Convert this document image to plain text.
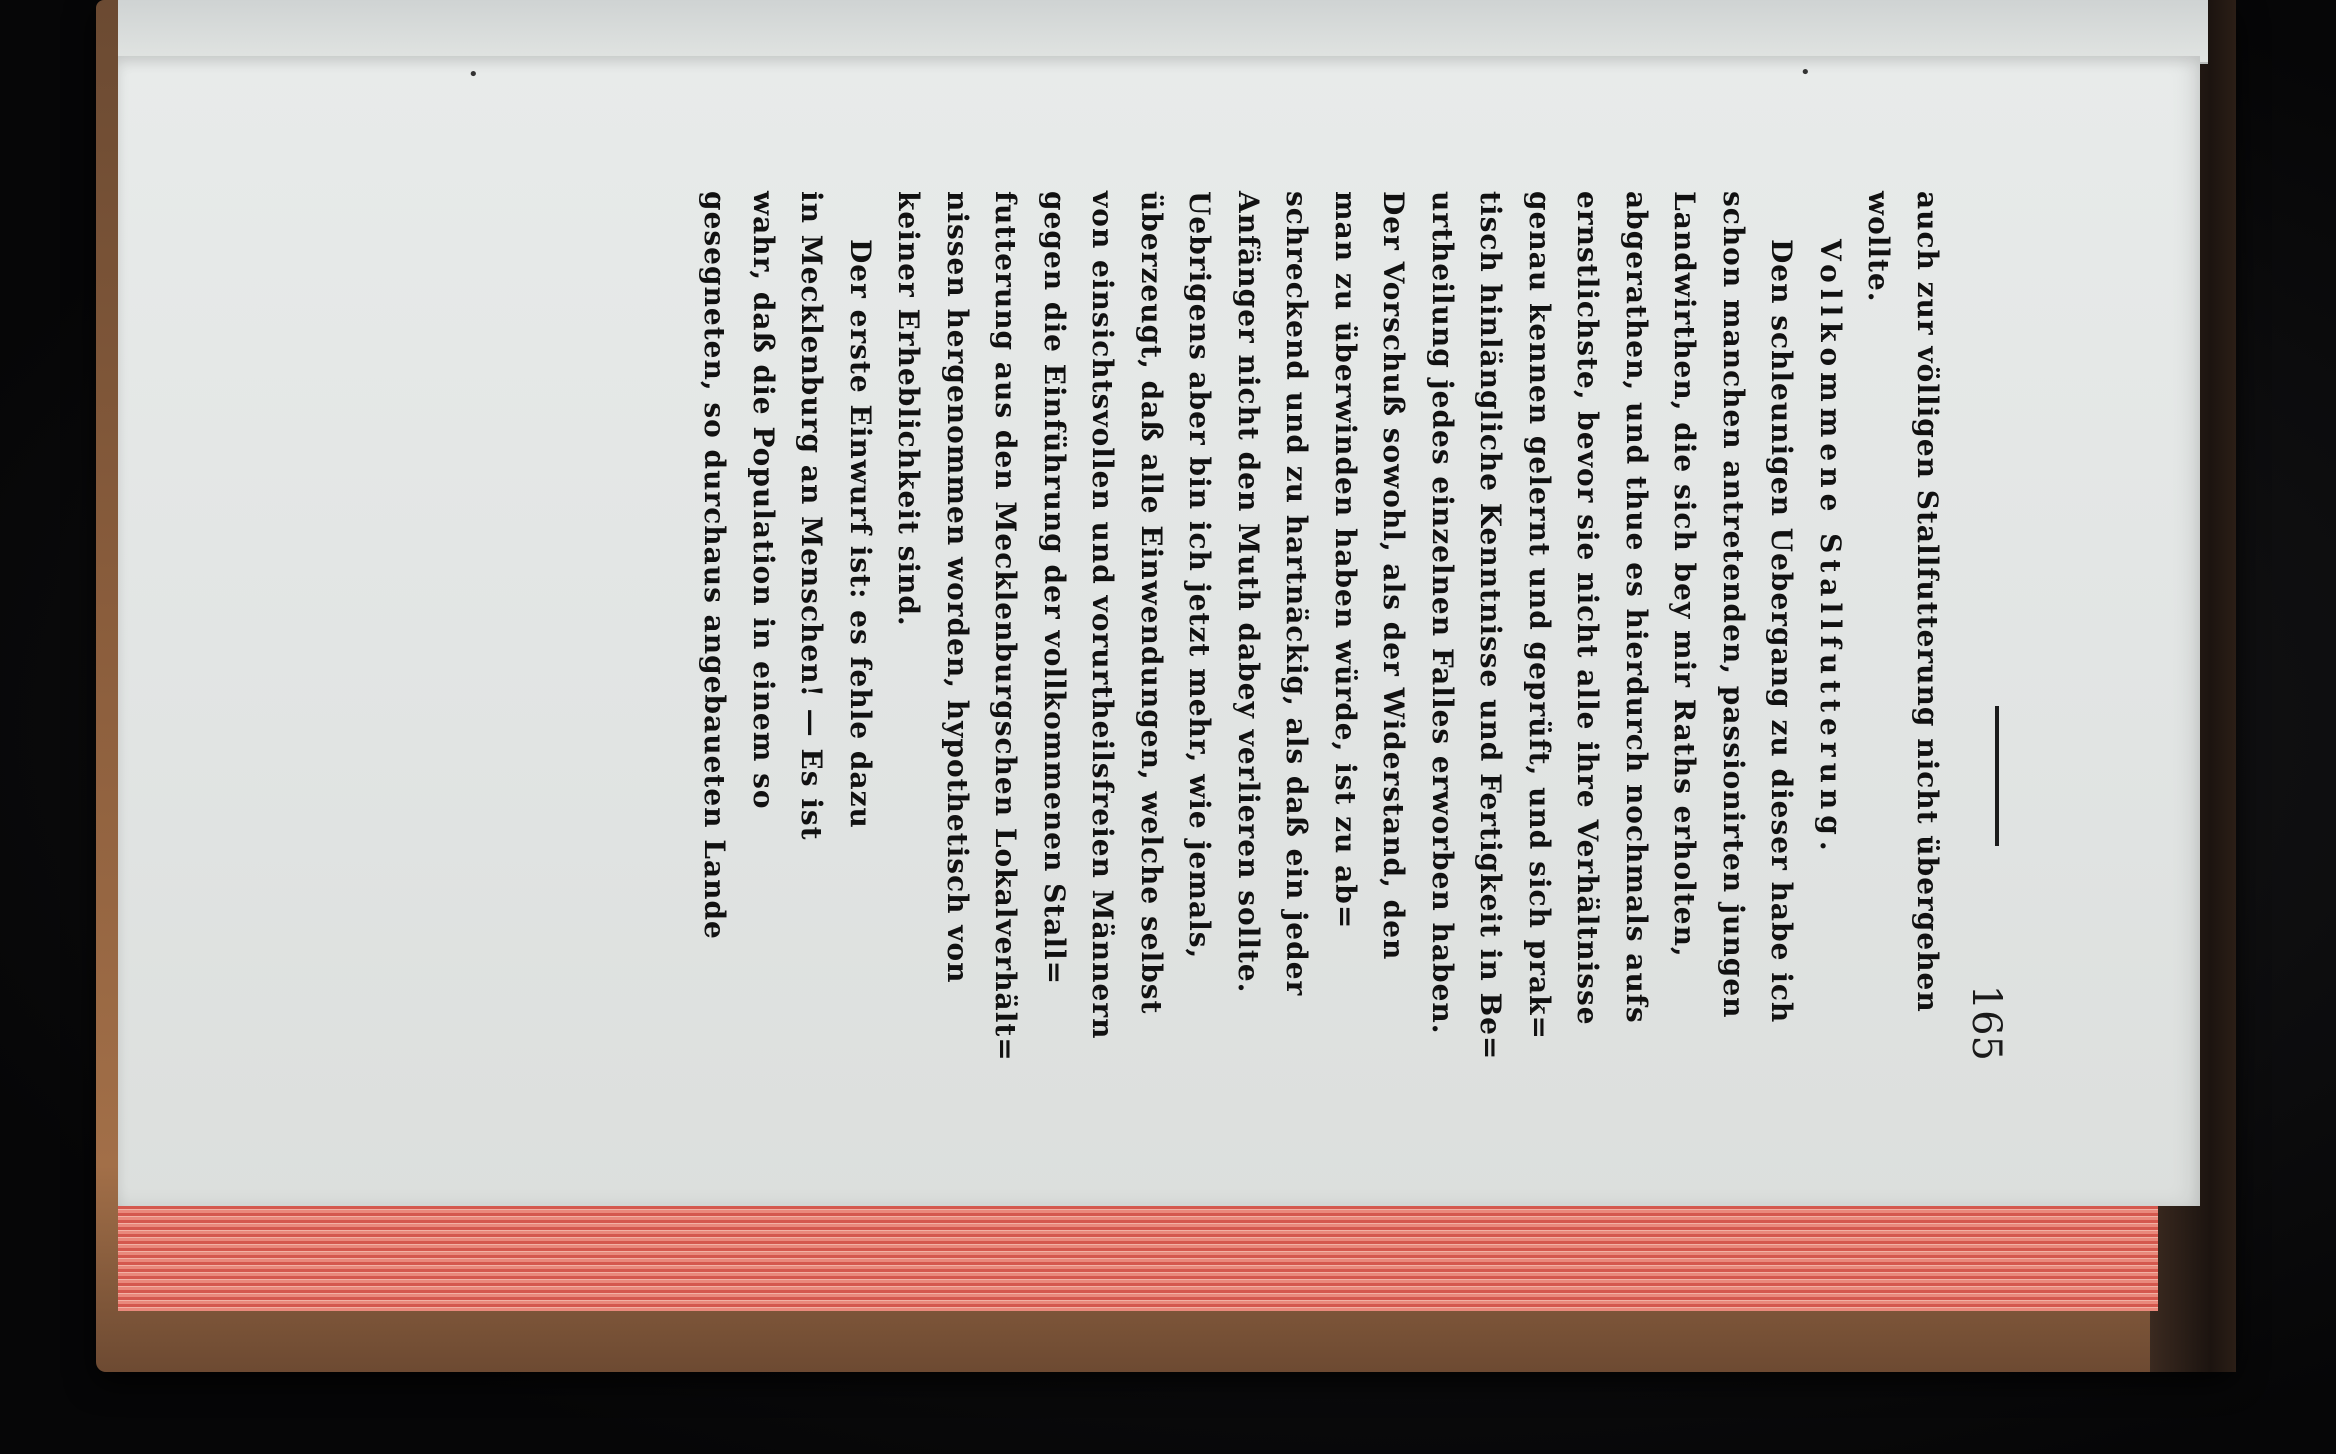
•	•
165
auch zur völligen Stallfutterung nicht übergehen
wollte.
Vollkommene Stallfutterung.
Den schleunigen Uebergang zu dieser habe ich
schon manchen antretenden, passionirten jungen
Landwirthen, die sich bey mir Raths erholten,
abgerathen, und thue es hierdurch nochmals aufs
ernstlichste, bevor sie nicht alle ihre Verhältnisse
genau kennen gelernt und geprüft, und sich prak=
tisch hinlängliche Kenntnisse und Fertigkeit in Be=
urtheilung jedes einzelnen Falles erworben haben.
Der Vorschuß sowohl, als der Widerstand, den
man zu überwinden haben würde, ist zu ab=
schreckend und zu hartnäckig, als daß ein jeder
Anfänger nicht den Muth dabey verlieren sollte.
Uebrigens aber bin ich jetzt mehr, wie jemals,
überzeugt, daß alle Einwendungen, welche selbst
von einsichtsvollen und vorurtheilsfreien Männern
gegen die Einführung der vollkommenen Stall=
futterung aus den Mecklenburgschen Lokalverhält=
nissen hergenommen worden, hypothetisch von
keiner Erheblichkeit sind.
Der erste Einwurf ist: es fehle dazu
in Mecklenburg an Menschen! — Es ist
wahr, daß die Population in einem so
gesegneten, so durchaus angebaueten Lande
